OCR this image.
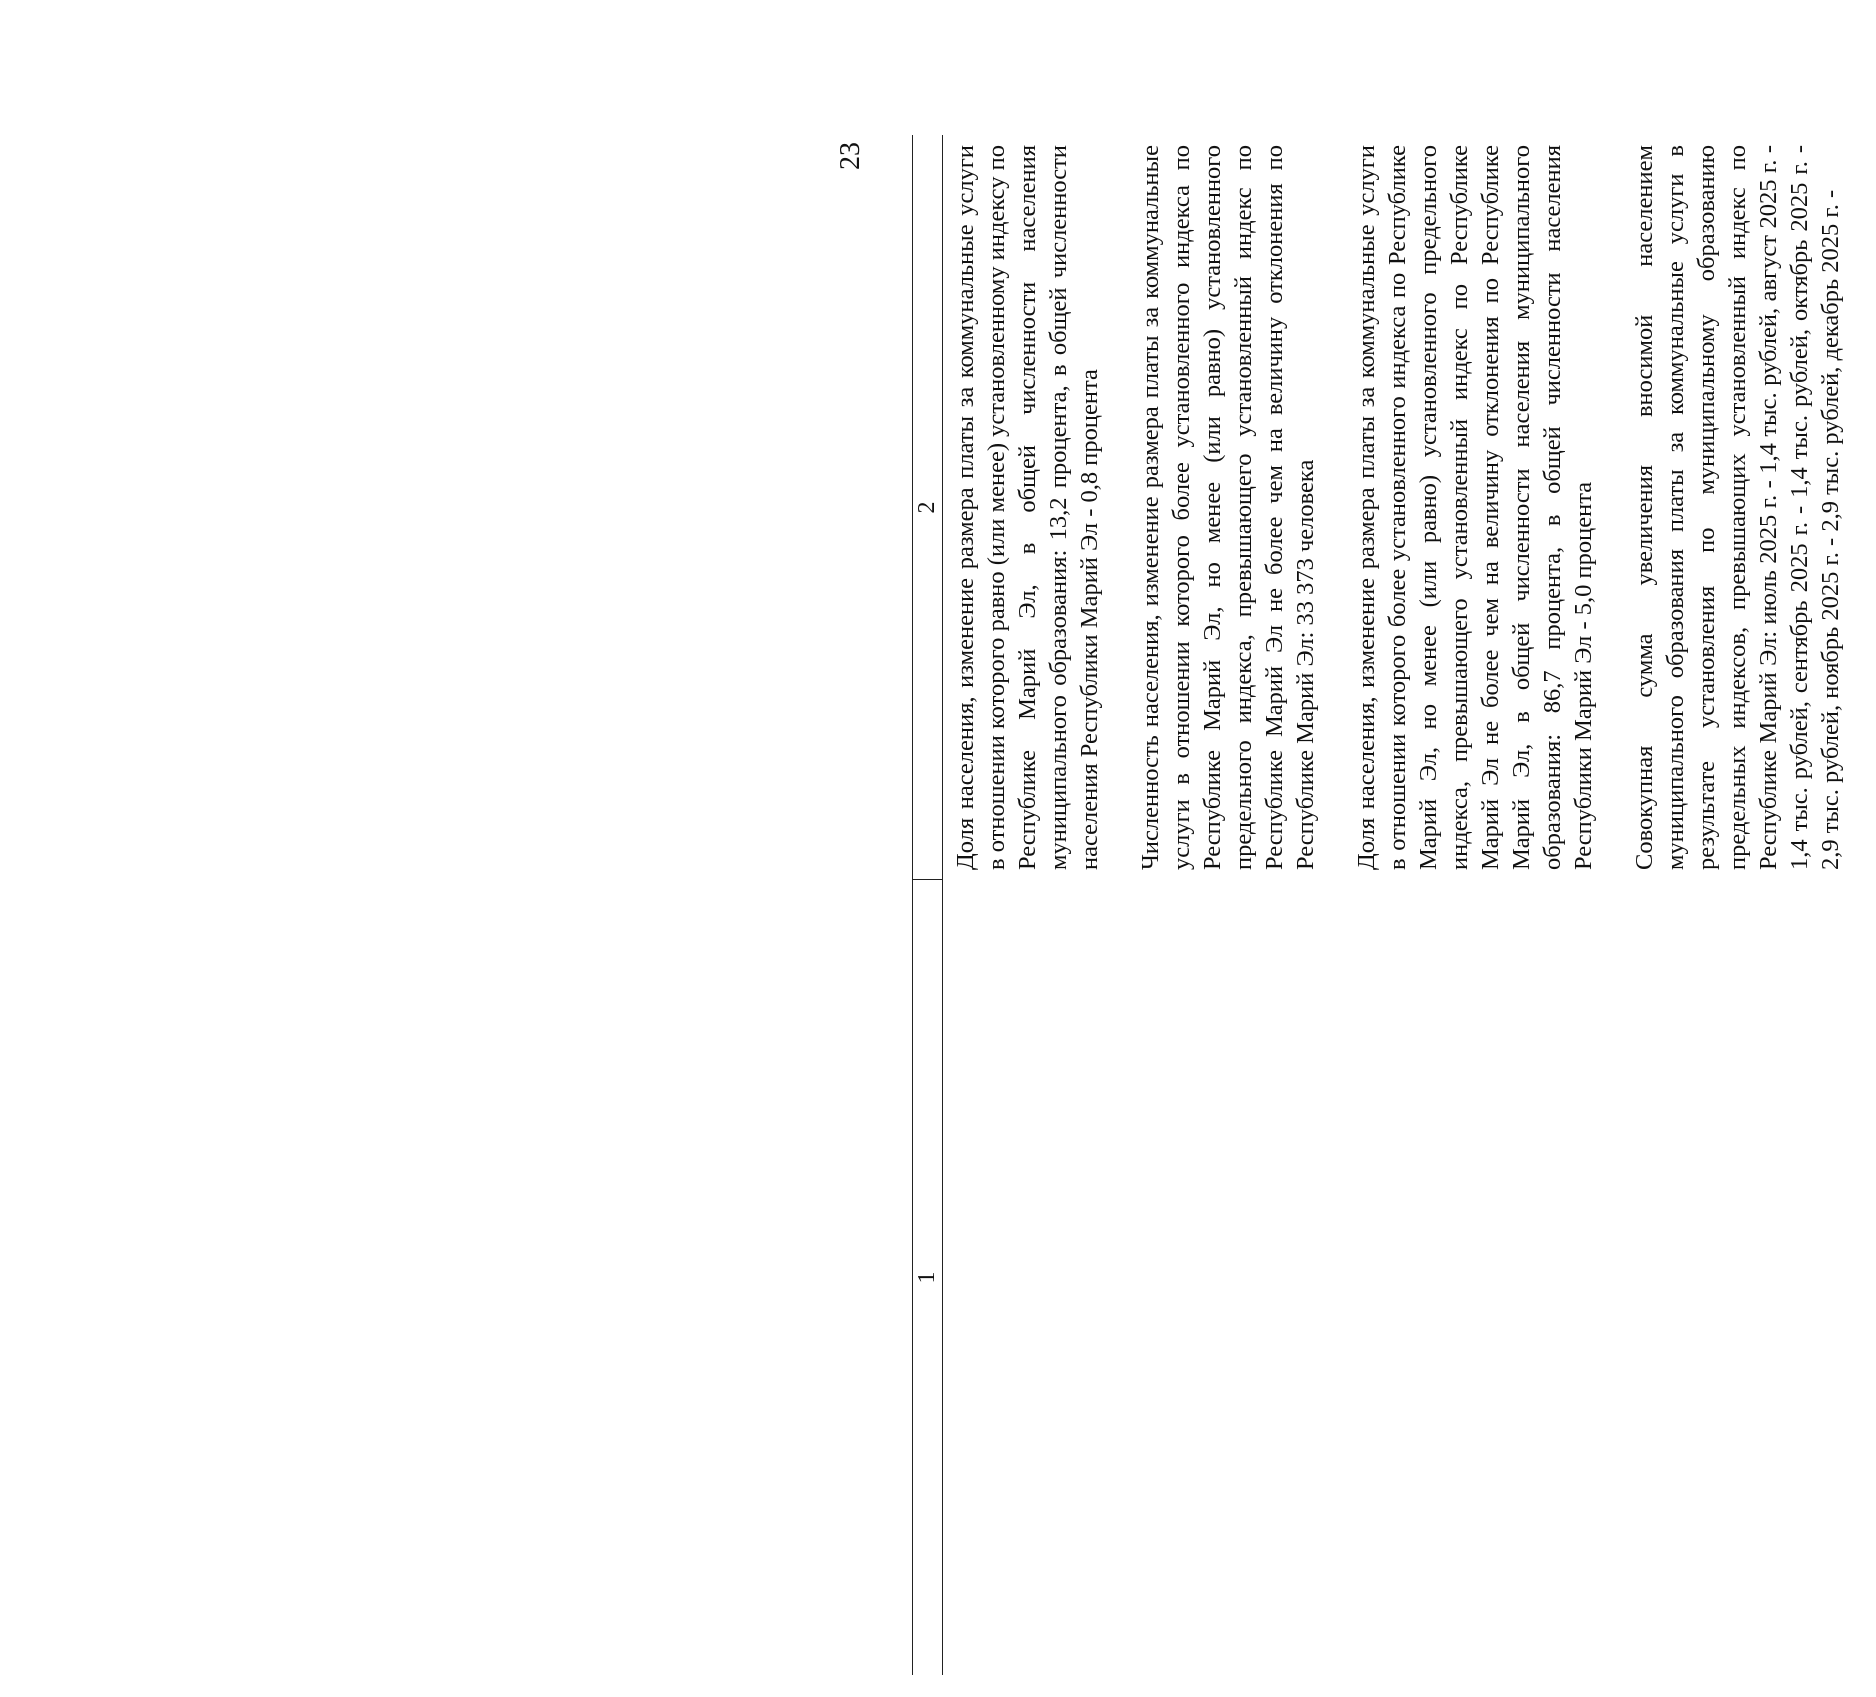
23
1
2 Доля населения, изменение размера платы за коммунальные услуги в отношении которого равно (или менее) установленному индексу по Республике Марий Эл, в общей численности населения муниципального образования: 13,2 процента, в общей численности населения Республики Марий Эл - 0,8 процента Численность населения, изменение размера платы за коммунальные услуги в отношении которого более установленного индекса по Республике Марий Эл, но менее (или равно) установленного предельного индекса, превышающего установленный индекс по Республике Марий Эл не более чем на величину отклонения по Республике Марий Эл: 33 373 человека Доля населения, изменение размера платы за коммунальные услуги в отношении которого более установленного индекса по Республике Марий Эл, но менее (или равно) установленного предельного индекса, превышающего установленный индекс по Республике Марий Эл не более чем на величину отклонения по Республике Марий Эл, в общей численности населения муниципального образования: 86,7 процента, в общей численности населения Республики Марий Эл - 5,0 процента Совокупная сумма увеличения вносимой населением муниципального образования платы за коммунальные услуги в результате установления по муниципальному образованию предельных индексов, превышающих установленный индекс по Республике Марий Эл: июль 2025 г. - 1,4 тыс. рублей, август 2025 г. - 1,4 тыс. рублей, сентябрь 2025 г. - 1,4 тыс. рублей, октябрь 2025 г. - 2,9 тыс. рублей, ноябрь 2025 г. - 2,9 тыс. рублей, декабрь 2025 г. -
